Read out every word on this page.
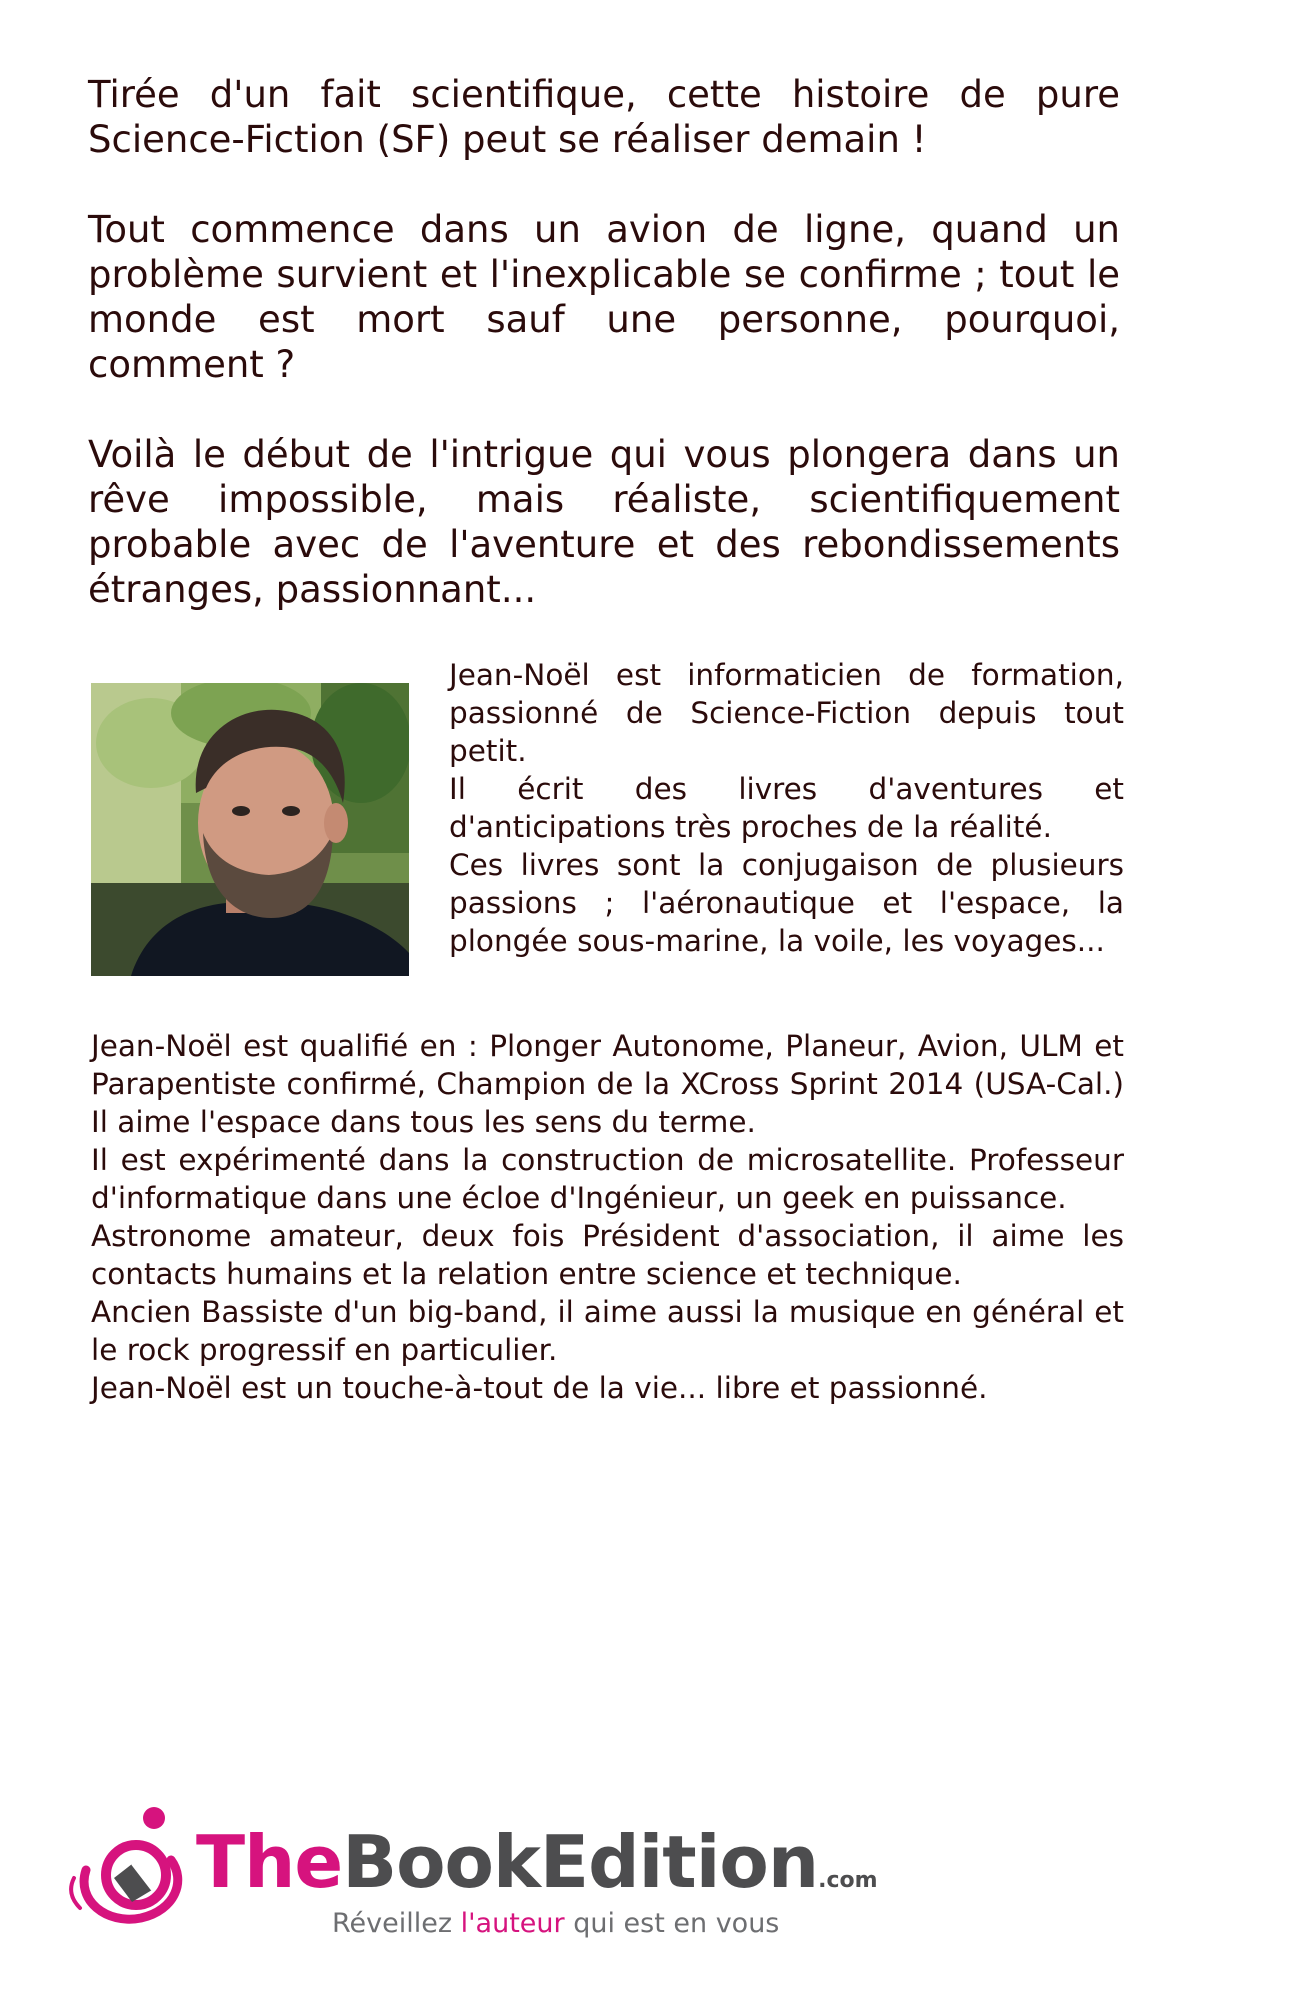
Tirée d'un fait scientifique, cette histoire de pure Science-Fiction (SF) peut se réaliser demain !

Tout commence dans un avion de ligne, quand un problème survient et l'inexplicable se confirme ; tout le monde est mort sauf une personne, pourquoi, comment ?

Voilà le début de l'intrigue qui vous plongera dans un rêve impossible, mais réaliste, scientifiquement probable avec de l'aventure et des rebondissements étranges, passionnant...

Jean-Noël est informaticien de formation, passionné de Science-Fiction depuis tout petit.

Il écrit des livres d'aventures et d'anticipations très proches de la réalité.

Ces livres sont la conjugaison de plusieurs passions ; l'aéronautique et l'espace, la plongée sous-marine, la voile, les voyages...

Jean-Noël est qualifié en : Plonger Autonome, Planeur, Avion, ULM et Parapentiste confirmé, Champion de la XCross Sprint 2014 (USA-Cal.) Il aime l'espace dans tous les sens du terme.

Il est expérimenté dans la construction de microsatellite. Professeur d'informatique dans une écloe d'Ingénieur, un geek en puissance.

Astronome amateur, deux fois Président d'association, il aime les contacts humains et la relation entre science et technique.

Ancien Bassiste d'un big-band, il aime aussi la musique en général et le rock progressif en particulier.

Jean-Noël est un touche-à-tout de la vie... libre et passionné.

TheBookEdition.com
Réveillez l'auteur qui est en vous
